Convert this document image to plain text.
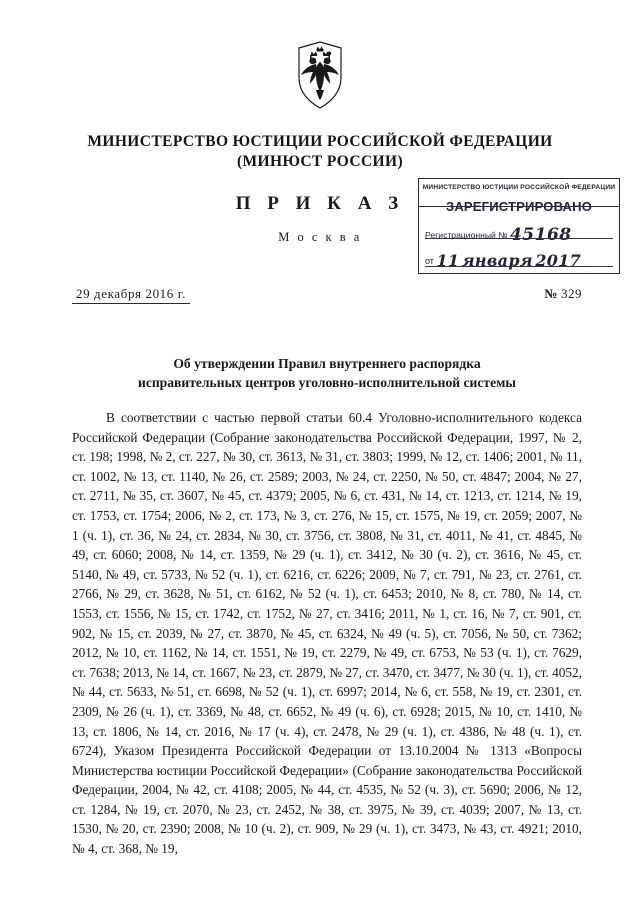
МИНИСТЕРСТВО ЮСТИЦИИ РОССИЙСКОЙ ФЕДЕРАЦИИ
(МИНЮСТ РОССИИ)
П Р И К А З
М о с к в а
МИНИСТЕРСТВО ЮСТИЦИИ РОССИЙСКОЙ ФЕДЕРАЦИИ
ЗАРЕГИСТРИРОВАНО
Регистрационный № 45168
от 11 января 2017
29 декабря 2016 г.	№ 329
Об утверждении Правил внутреннего распорядка
исправительных центров уголовно-исполнительной системы

В соответствии с частью первой статьи 60.4 Уголовно-исполнительного кодекса Российской Федерации (Собрание законодательства Российской Федерации, 1997, № 2, ст. 198; 1998, № 2, ст. 227, № 30, ст. 3613, № 31, ст. 3803; 1999, № 12, ст. 1406; 2001, № 11, ст. 1002, № 13, ст. 1140, № 26, ст. 2589; 2003, № 24, ст. 2250, № 50, ст. 4847; 2004, № 27, ст. 2711, № 35, ст. 3607, № 45, ст. 4379; 2005, № 6, ст. 431, № 14, ст. 1213, ст. 1214, № 19, ст. 1753, ст. 1754; 2006, № 2, ст. 173, № 3, ст. 276, № 15, ст. 1575, № 19, ст. 2059; 2007, № 1 (ч. 1), ст. 36, № 24, ст. 2834, № 30, ст. 3756, ст. 3808, № 31, ст. 4011, № 41, ст. 4845, № 49, ст. 6060; 2008, № 14, ст. 1359, № 29 (ч. 1), ст. 3412, № 30 (ч. 2), ст. 3616, № 45, ст. 5140, № 49, ст. 5733, № 52 (ч. 1), ст. 6216, ст. 6226; 2009, № 7, ст. 791, № 23, ст. 2761, ст. 2766, № 29, ст. 3628, № 51, ст. 6162, № 52 (ч. 1), ст. 6453; 2010, № 8, ст. 780, № 14, ст. 1553, ст. 1556, № 15, ст. 1742, ст. 1752, № 27, ст. 3416; 2011, № 1, ст. 16, № 7, ст. 901, ст. 902, № 15, ст. 2039, № 27, ст. 3870, № 45, ст. 6324, № 49 (ч. 5), ст. 7056, № 50, ст. 7362; 2012, № 10, ст. 1162, № 14, ст. 1551, № 19, ст. 2279, № 49, ст. 6753, № 53 (ч. 1), ст. 7629, ст. 7638; 2013, № 14, ст. 1667, № 23, ст. 2879, № 27, ст. 3470, ст. 3477, № 30 (ч. 1), ст. 4052, № 44, ст. 5633, № 51, ст. 6698, № 52 (ч. 1), ст. 6997; 2014, № 6, ст. 558, № 19, ст. 2301, ст. 2309, № 26 (ч. 1), ст. 3369, № 48, ст. 6652, № 49 (ч. 6), ст. 6928; 2015, № 10, ст. 1410, № 13, ст. 1806, № 14, ст. 2016, № 17 (ч. 4), ст. 2478, № 29 (ч. 1), ст. 4386, № 48 (ч. 1), ст. 6724), Указом Президента Российской Федерации от 13.10.2004 № 1313 «Вопросы Министерства юстиции Российской Федерации» (Собрание законодательства Российской Федерации, 2004, № 42, ст. 4108; 2005, № 44, ст. 4535, № 52 (ч. 3), ст. 5690; 2006, № 12, ст. 1284, № 19, ст. 2070, № 23, ст. 2452, № 38, ст. 3975, № 39, ст. 4039; 2007, № 13, ст. 1530, № 20, ст. 2390; 2008, № 10 (ч. 2), ст. 909, № 29 (ч. 1), ст. 3473, № 43, ст. 4921; 2010, № 4, ст. 368, № 19,
